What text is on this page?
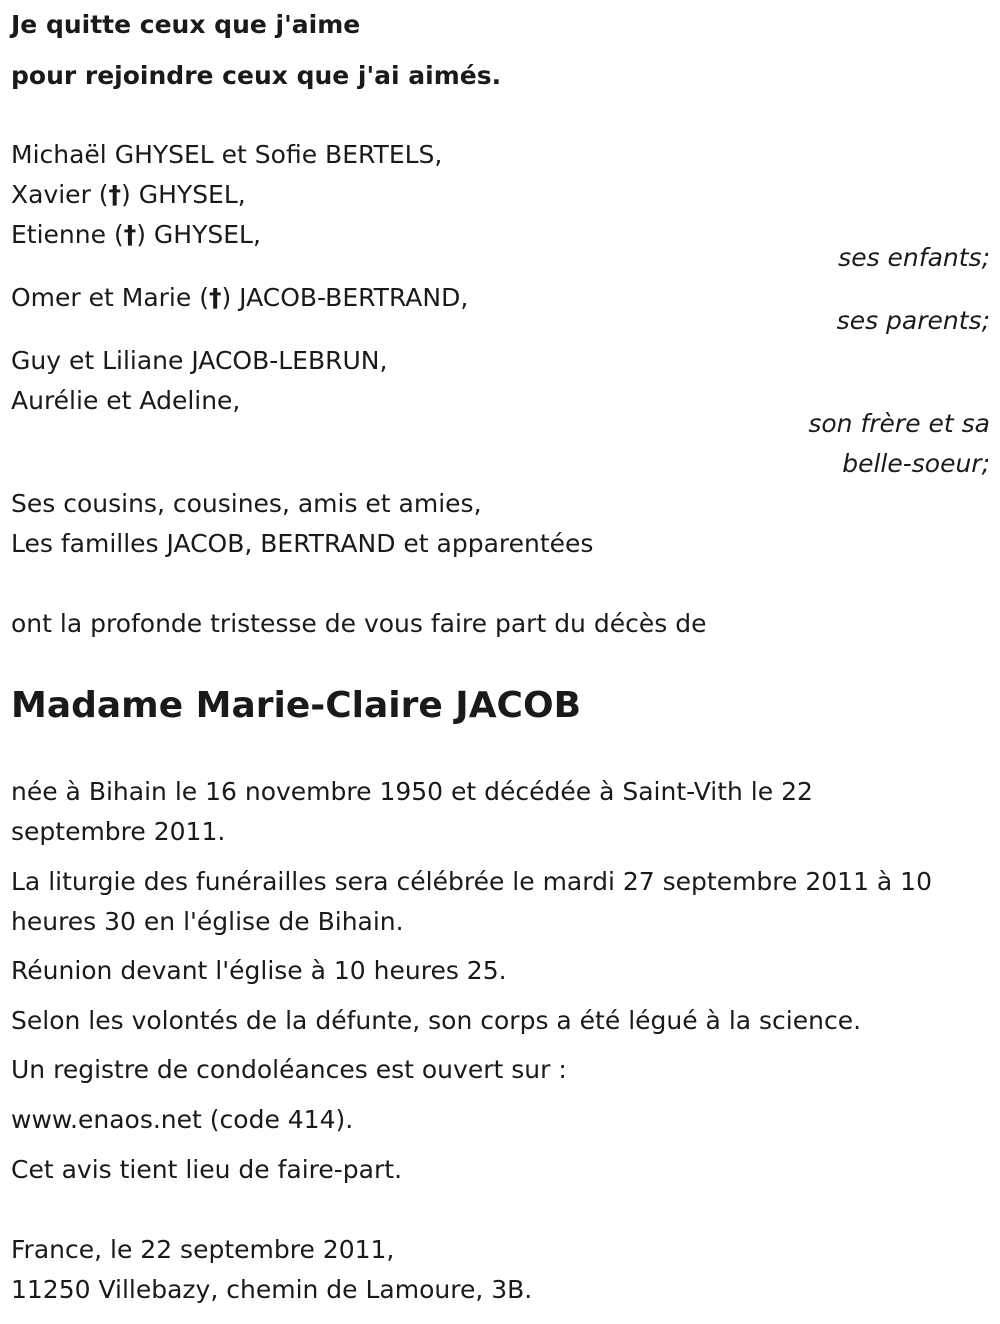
Je quitte ceux que j'aime
pour rejoindre ceux que j'ai aimés.
Michaël GHYSEL et Sofie BERTELS,
Xavier (†) GHYSEL,
Etienne (†) GHYSEL,
ses enfants;
Omer et Marie (†) JACOB-BERTRAND,
ses parents;
Guy et Liliane JACOB-LEBRUN,
Aurélie et Adeline,
son frère et sa
belle-soeur;
Ses cousins, cousines, amis et amies,
Les familles JACOB, BERTRAND et apparentées
ont la profonde tristesse de vous faire part du décès de
Madame Marie-Claire JACOB
née à Bihain le 16 novembre 1950 et décédée à Saint-Vith le 22
septembre 2011.
La liturgie des funérailles sera célébrée le mardi 27 septembre 2011 à 10
heures 30 en l'église de Bihain.
Réunion devant l'église à 10 heures 25.
Selon les volontés de la défunte, son corps a été légué à la science.
Un registre de condoléances est ouvert sur :
www.enaos.net (code 414).
Cet avis tient lieu de faire-part.
France, le 22 septembre 2011,
11250 Villebazy, chemin de Lamoure, 3B.
